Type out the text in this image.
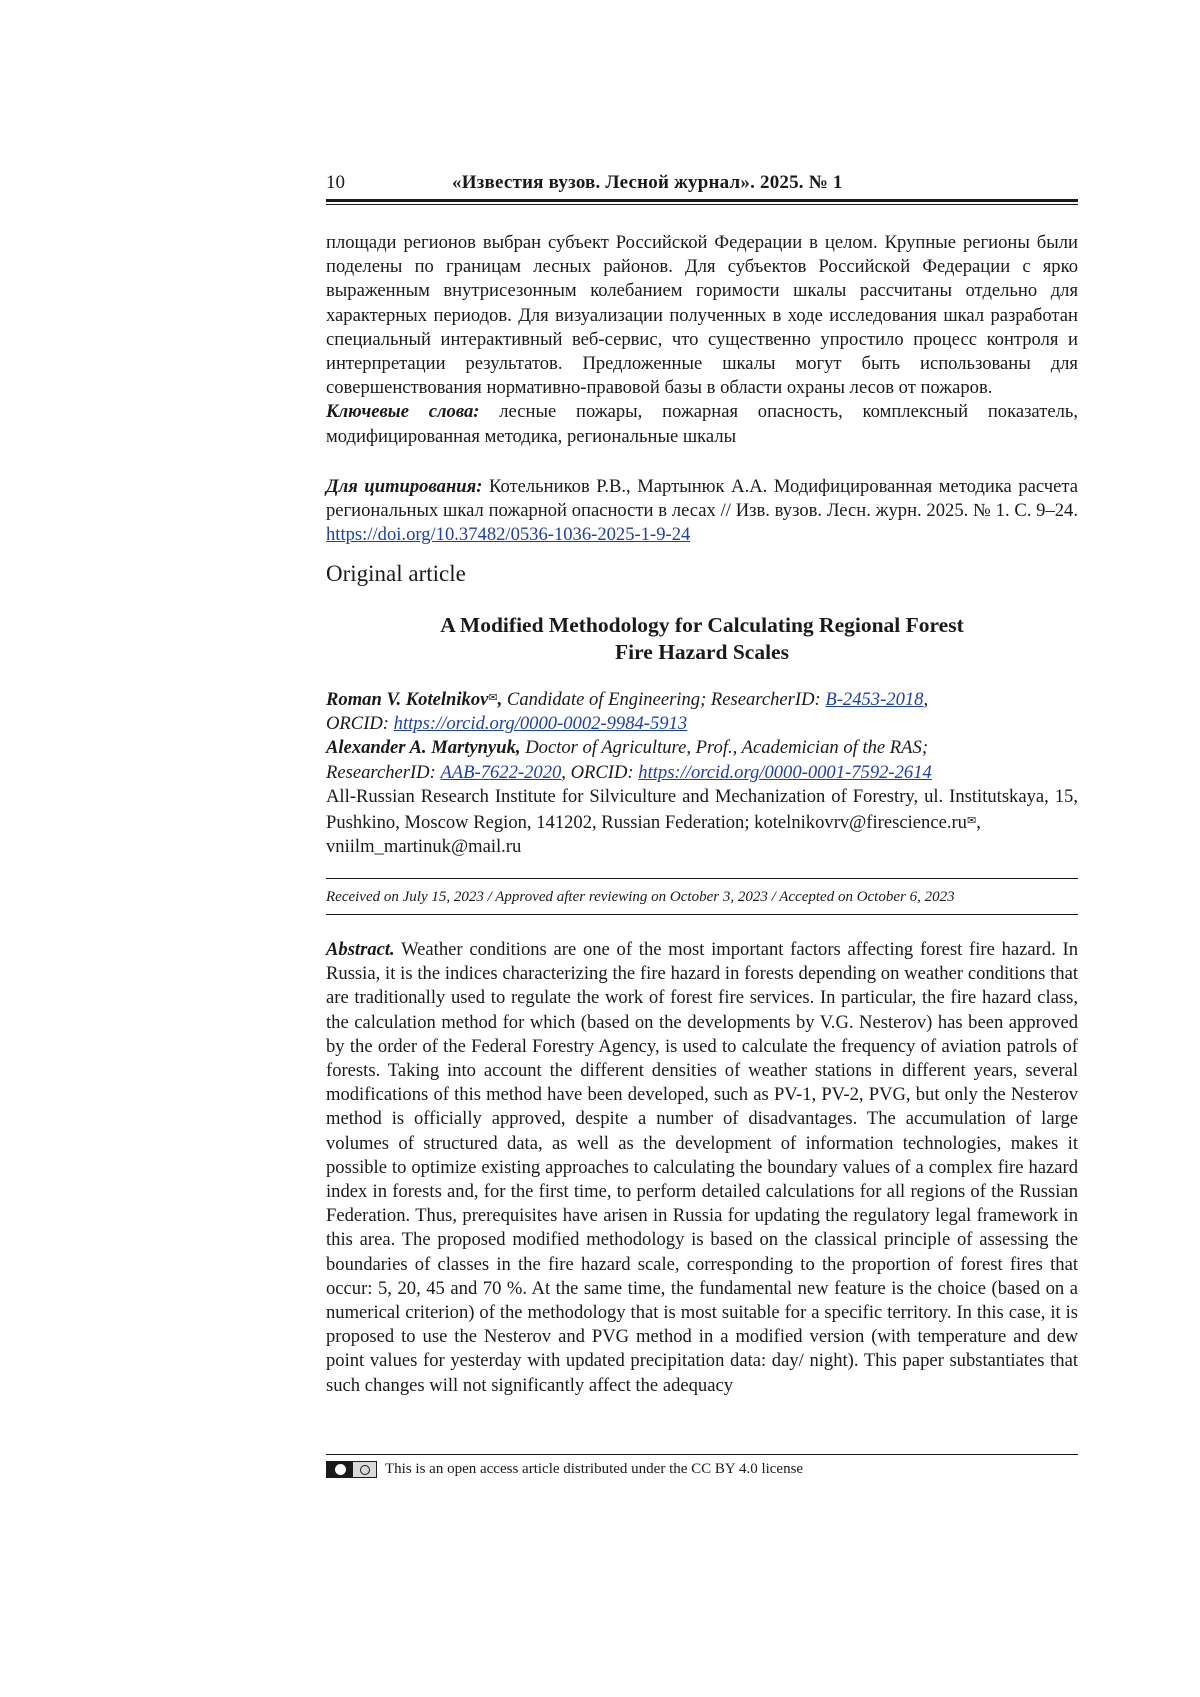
10	«Известия вузов. Лесной журнал». 2025. № 1

площади регионов выбран субъект Российской Федерации в целом. Крупные регионы были поделены по границам лесных районов. Для субъектов Российской Федерации с ярко выраженным внутрисезонным колебанием горимости шкалы рассчитаны отдельно для характерных периодов. Для визуализации полученных в ходе исследования шкал разработан специальный интерактивный веб-сервис, что существенно упростило процесс контроля и интерпретации результатов. Предложенные шкалы могут быть использованы для совершенствования нормативно-правовой базы в области охраны лесов от пожаров.

Ключевые слова: лесные пожары, пожарная опасность, комплексный показатель, модифицированная методика, региональные шкалы

Для цитирования: Котельников Р.В., Мартынюк А.А. Модифицированная методика расчета региональных шкал пожарной опасности в лесах // Изв. вузов. Лесн. журн. 2025. № 1. С. 9–24. https://doi.org/10.37482/0536-1036-2025-1-9-24

Original article
A Modified Methodology for Calculating Regional Forest
Fire Hazard Scales
Roman V. Kotelnikov✉, Candidate of Engineering; ResearcherID: B-2453-2018,
ORCID: https://orcid.org/0000-0002-9984-5913
Alexander A. Martynyuk, Doctor of Agriculture, Prof., Academician of the RAS;
ResearcherID: AAB-7622-2020, ORCID: https://orcid.org/0000-0001-7592-2614
All-Russian Research Institute for Silviculture and Mechanization of Forestry, ul. Institutskaya, 15, Pushkino, Moscow Region, 141202, Russian Federation; kotelnikovrv@firescience.ru✉,
vniilm_martinuk@mail.ru
Received on July 15, 2023 / Approved after reviewing on October 3, 2023 / Accepted on October 6, 2023

Abstract. Weather conditions are one of the most important factors affecting forest fire hazard. In Russia, it is the indices characterizing the fire hazard in forests depending on weather conditions that are traditionally used to regulate the work of forest fire services. In particular, the fire hazard class, the calculation method for which (based on the developments by V.G. Nesterov) has been approved by the order of the Federal Forestry Agency, is used to calculate the frequency of aviation patrols of forests. Taking into account the different densities of weather stations in different years, several modifications of this method have been developed, such as PV-1, PV-2, PVG, but only the Nesterov method is officially approved, despite a number of disadvantages. The accumulation of large volumes of structured data, as well as the development of information technologies, makes it possible to optimize existing approaches to calculating the boundary values of a complex fire hazard index in forests and, for the first time, to perform detailed calculations for all regions of the Russian Federation. Thus, prerequisites have arisen in Russia for updating the regulatory legal framework in this area. The proposed modified methodology is based on the classical principle of assessing the boundaries of classes in the fire hazard scale, corresponding to the proportion of forest fires that occur: 5, 20, 45 and 70 %. At the same time, the fundamental new feature is the choice (based on a numerical criterion) of the methodology that is most suitable for a specific territory. In this case, it is proposed to use the Nesterov and PVG method in a modified version (with temperature and dew point values for yesterday with updated precipitation data: day/ night). This paper substantiates that such changes will not significantly affect the adequacy

This is an open access article distributed under the CC BY 4.0 license
